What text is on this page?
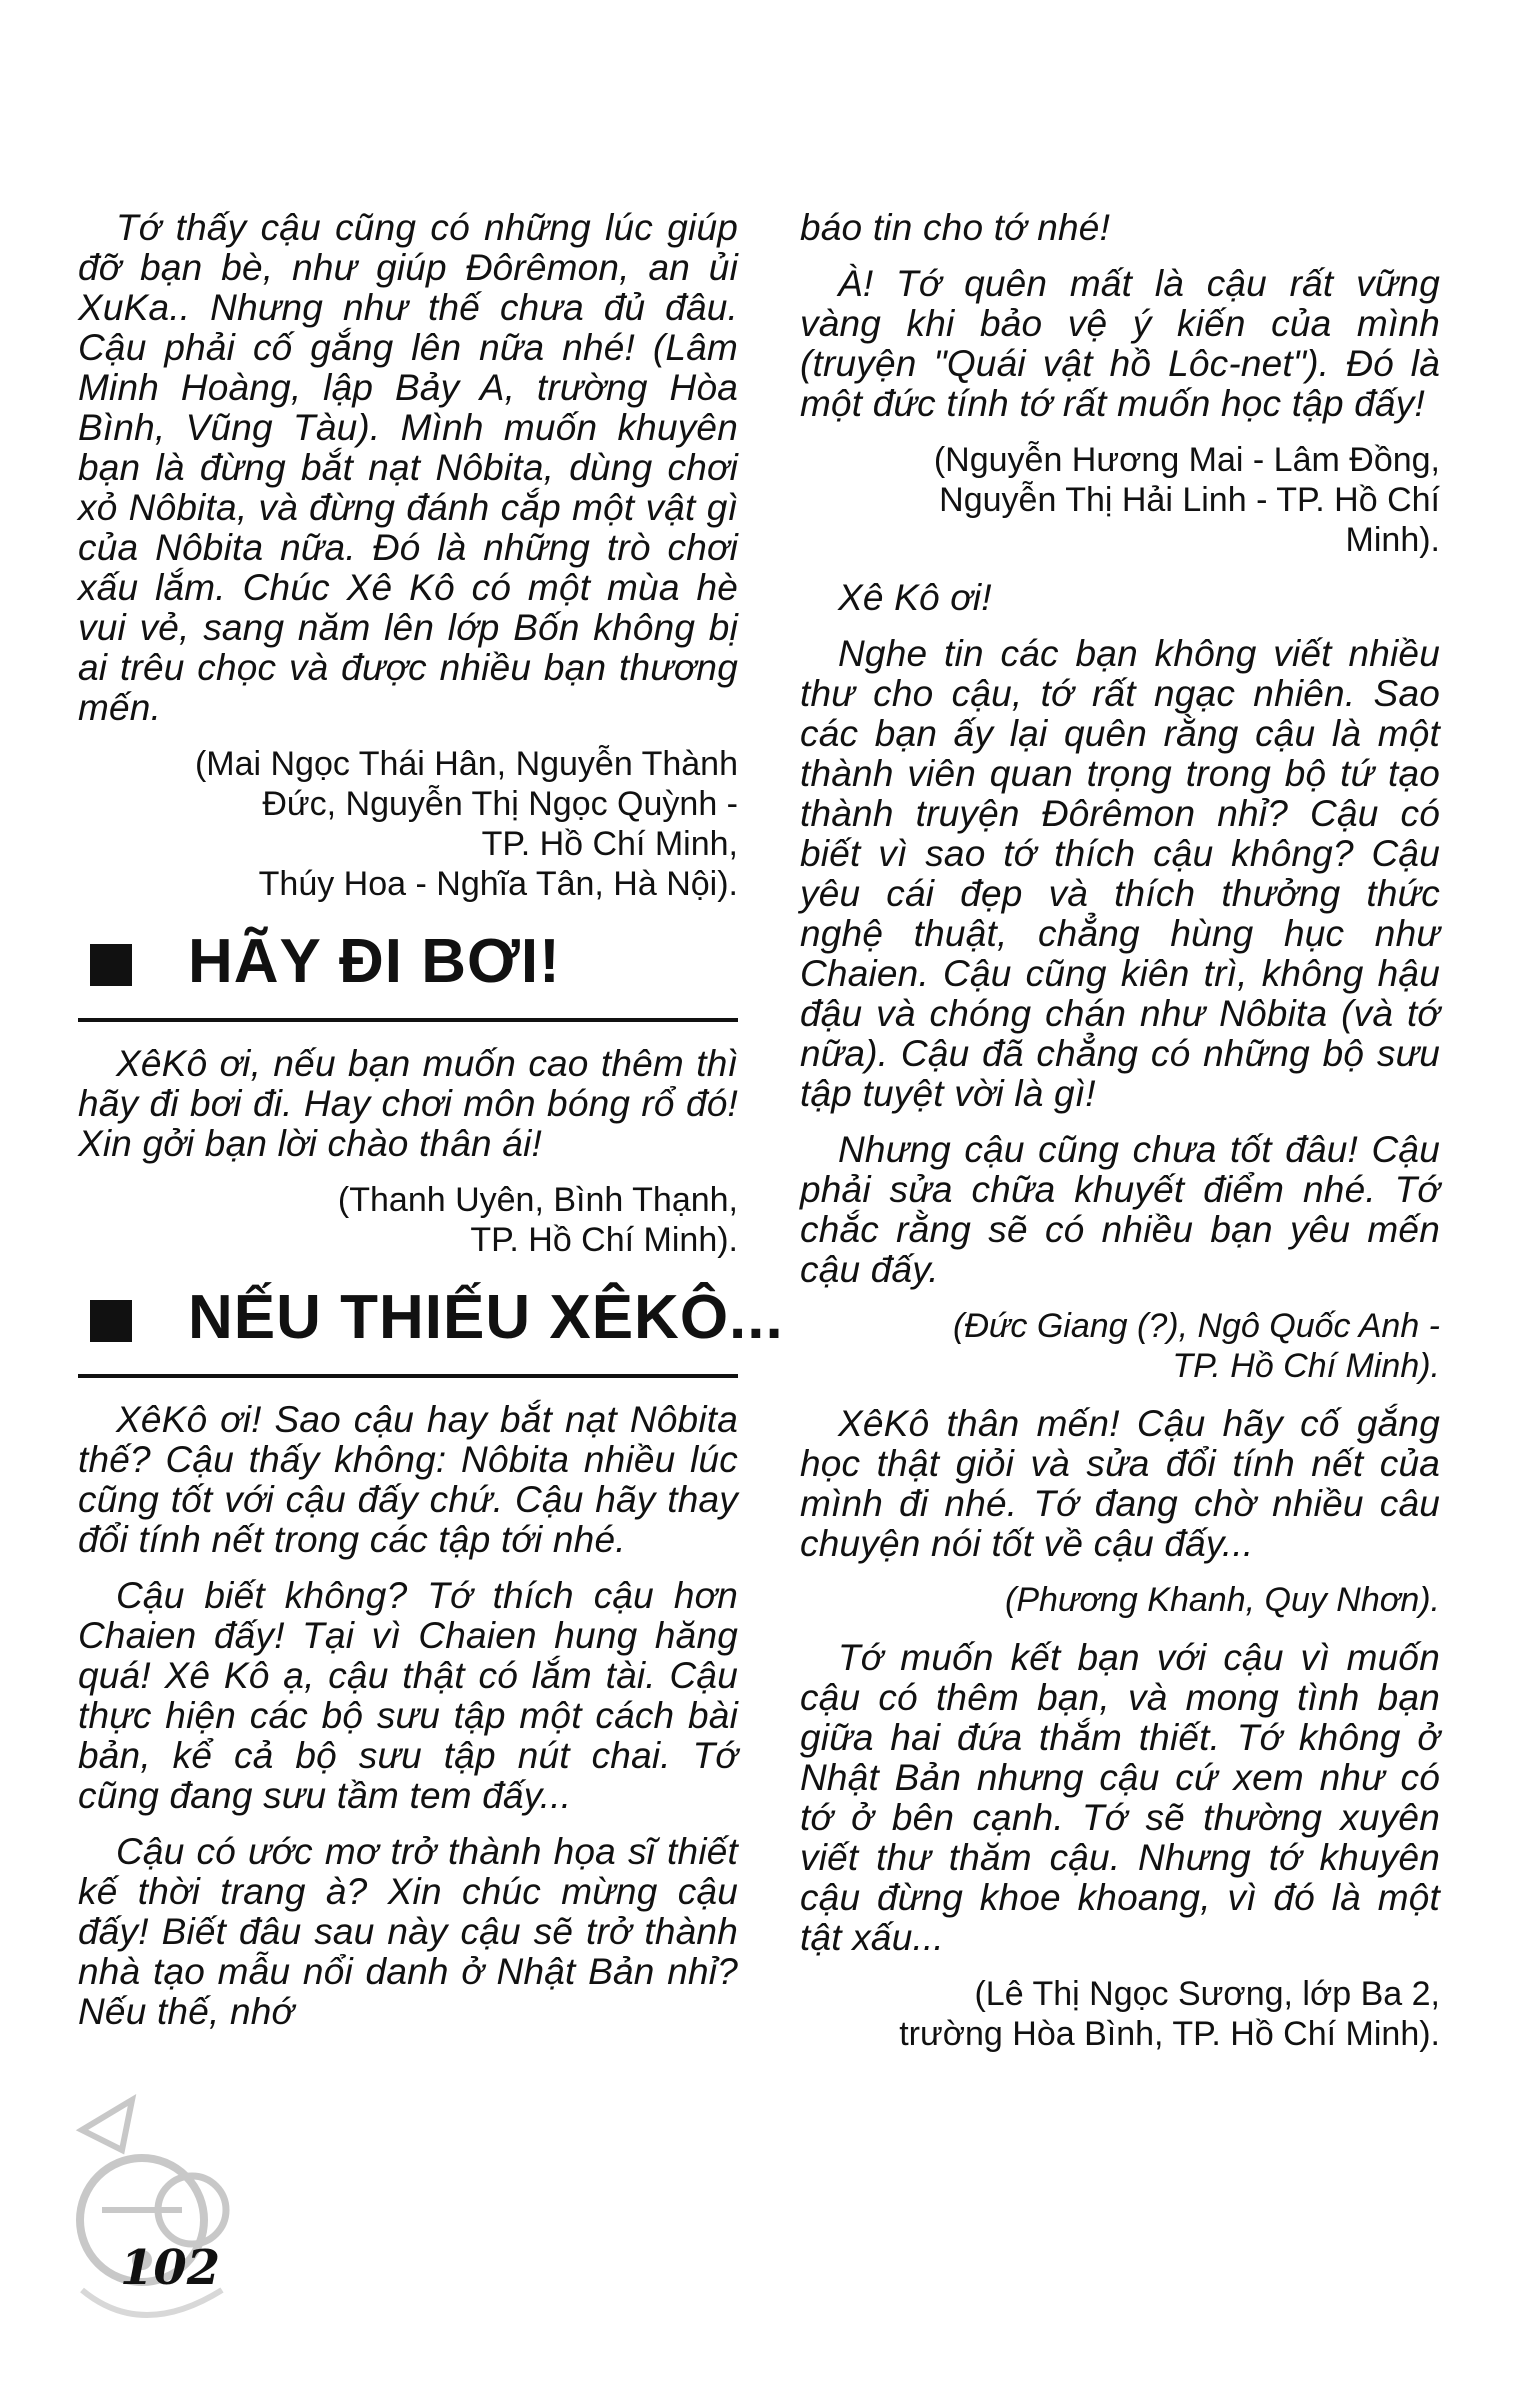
Tớ thấy cậu cũng có những lúc giúp đỡ bạn bè, như giúp Đôrêmon, an ủi XuKa.. Nhưng như thế chưa đủ đâu. Cậu phải cố gắng lên nữa nhé! (Lâm Minh Hoàng, lập Bảy A, trường Hòa Bình, Vũng Tàu). Mình muốn khuyên bạn là đừng bắt nạt Nôbita, dùng chơi xỏ Nôbita, và đừng đánh cắp một vật gì của Nôbita nữa. Đó là những trò chơi xấu lắm. Chúc Xê Kô có một mùa hè vui vẻ, sang năm lên lớp Bốn không bị ai trêu chọc và được nhiều bạn thương mến.

(Mai Ngọc Thái Hân, Nguyễn Thành
Đức, Nguyễn Thị Ngọc Quỳnh -
TP. Hồ Chí Minh,
Thúy Hoa - Nghĩa Tân, Hà Nội).
HÃY ĐI BƠI!

XêKô ơi, nếu bạn muốn cao thêm thì hãy đi bơi đi. Hay chơi môn bóng rổ đó! Xin gởi bạn lời chào thân ái!

(Thanh Uyên, Bình Thạnh,
TP. Hồ Chí Minh).
NẾU THIẾU XÊKÔ...

XêKô ơi! Sao cậu hay bắt nạt Nôbita thế? Cậu thấy không: Nôbita nhiều lúc cũng tốt với cậu đấy chứ. Cậu hãy thay đổi tính nết trong các tập tới nhé.

Cậu biết không? Tớ thích cậu hơn Chaien đấy! Tại vì Chaien hung hăng quá! Xê Kô ạ, cậu thật có lắm tài. Cậu thực hiện các bộ sưu tập một cách bài bản, kể cả bộ sưu tập nút chai. Tớ cũng đang sưu tầm tem đấy...

Cậu có ước mơ trở thành họa sĩ thiết kế thời trang à? Xin chúc mừng cậu đấy! Biết đâu sau này cậu sẽ trở thành nhà tạo mẫu nổi danh ở Nhật Bản nhỉ? Nếu thế, nhớ

báo tin cho tớ nhé!

À! Tớ quên mất là cậu rất vững vàng khi bảo vệ ý kiến của mình (truyện "Quái vật hồ Lôc-net"). Đó là một đức tính tớ rất muốn học tập đấy!

(Nguyễn Hương Mai - Lâm Đồng,
Nguyễn Thị Hải Linh - TP. Hồ Chí
Minh).

Xê Kô ơi!

Nghe tin các bạn không viết nhiều thư cho cậu, tớ rất ngạc nhiên. Sao các bạn ấy lại quên rằng cậu là một thành viên quan trọng trong bộ tứ tạo thành truyện Đôrêmon nhỉ? Cậu có biết vì sao tớ thích cậu không? Cậu yêu cái đẹp và thích thưởng thức nghệ thuật, chẳng hùng hục như Chaien. Cậu cũng kiên trì, không hậu đậu và chóng chán như Nôbita (và tớ nữa). Cậu đã chẳng có những bộ sưu tập tuyệt vời là gì!

Nhưng cậu cũng chưa tốt đâu! Cậu phải sửa chữa khuyết điểm nhé. Tớ chắc rằng sẽ có nhiều bạn yêu mến cậu đấy.

(Đức Giang (?), Ngô Quốc Anh -
TP. Hồ Chí Minh).

XêKô thân mến! Cậu hãy cố gắng học thật giỏi và sửa đổi tính nết của mình đi nhé. Tớ đang chờ nhiều câu chuyện nói tốt về cậu đấy...

(Phương Khanh, Quy Nhơn).

Tớ muốn kết bạn với cậu vì muốn cậu có thêm bạn, và mong tình bạn giữa hai đứa thắm thiết. Tớ không ở Nhật Bản nhưng cậu cứ xem như có tớ ở bên cạnh. Tớ sẽ thường xuyên viết thư thăm cậu. Nhưng tớ khuyên cậu đừng khoe khoang, vì đó là một tật xấu...

(Lê Thị Ngọc Sương, lớp Ba 2,
trường Hòa Bình, TP. Hồ Chí Minh).
102
